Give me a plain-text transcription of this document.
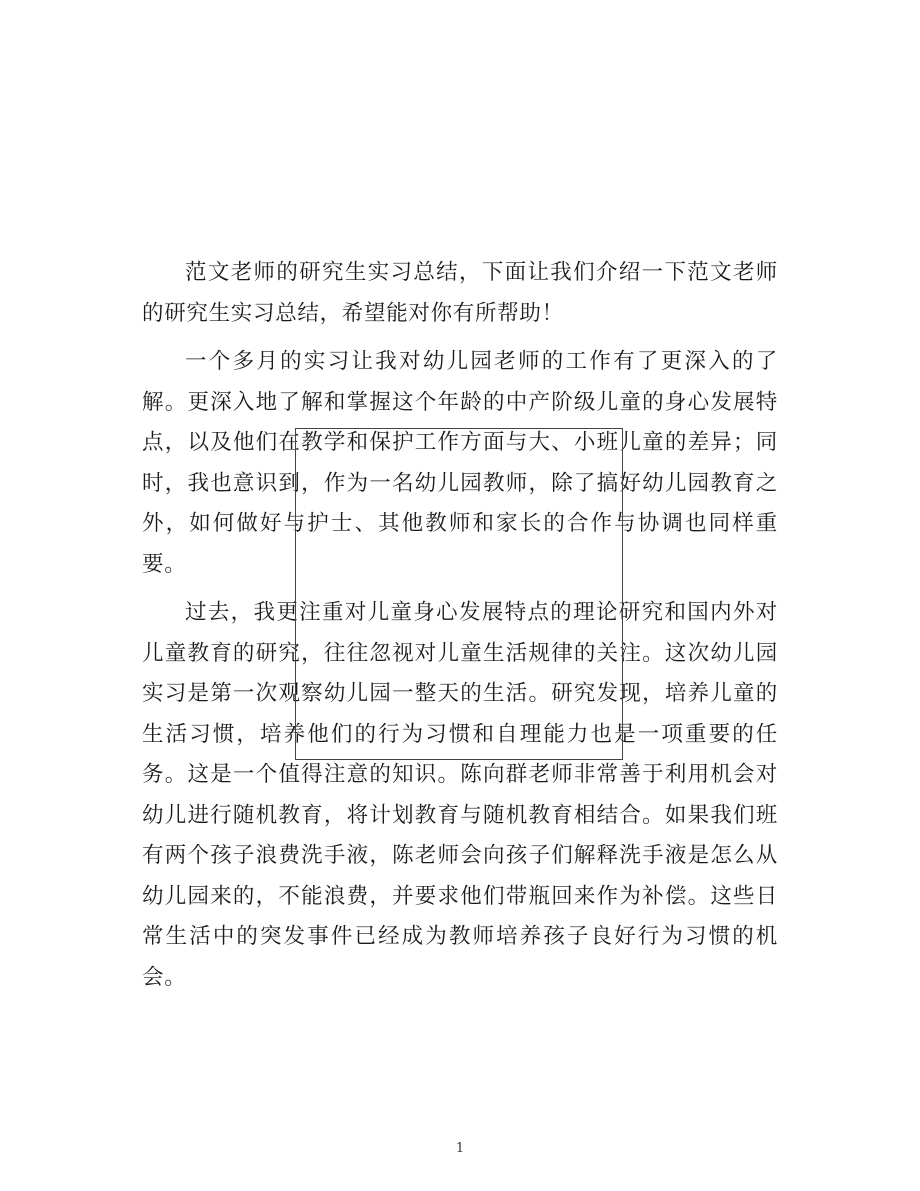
范文老师的研究生实习总结，下面让我们介绍一下范文老师的研究生实习总结，希望能对你有所帮助！

一个多月的实习让我对幼儿园老师的工作有了更深入的了解。更深入地了解和掌握这个年龄的中产阶级儿童的身心发展特点，以及他们在教学和保护工作方面与大、小班儿童的差异；同时，我也意识到，作为一名幼儿园教师，除了搞好幼儿园教育之外，如何做好与护士、其他教师和家长的合作与协调也同样重要。

过去，我更注重对儿童身心发展特点的理论研究和国内外对儿童教育的研究，往往忽视对儿童生活规律的关注。这次幼儿园实习是第一次观察幼儿园一整天的生活。研究发现，培养儿童的生活习惯，培养他们的行为习惯和自理能力也是一项重要的任务。这是一个值得注意的知识。陈向群老师非常善于利用机会对幼儿进行随机教育，将计划教育与随机教育相结合。如果我们班有两个孩子浪费洗手液，陈老师会向孩子们解释洗手液是怎么从幼儿园来的，不能浪费，并要求他们带瓶回来作为补偿。这些日常生活中的突发事件已经成为教师培养孩子良好行为习惯的机会。

1
